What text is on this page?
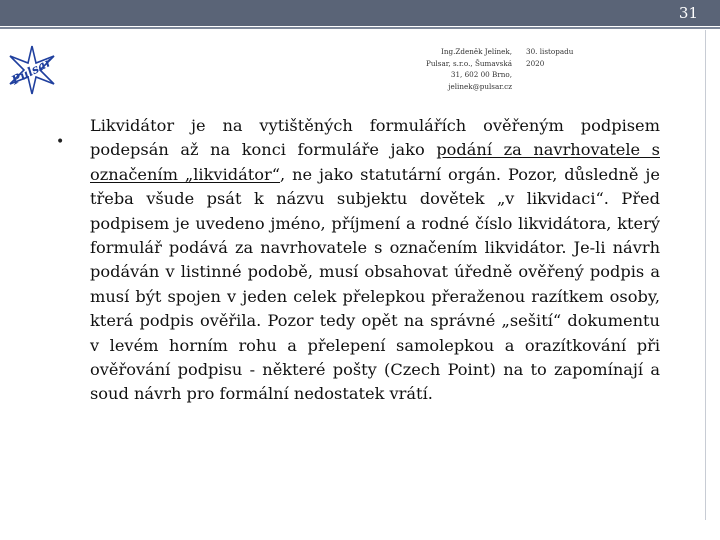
31
Pulsar
Ing.Zdeněk Jelínek,
Pulsar, s.r.o., Šumavská
31, 602 00 Brno,
jelinek@pulsar.cz
30. listopadu
2020
•

Likvidátor je na vytištěných formulářích ověřeným podpisem podepsán až na konci formuláře jako podání za navrhovatele s označením „likvidátor“, ne jako statutární orgán. Pozor, důsledně je třeba všude psát k názvu subjektu dovětek „v likvidaci“. Před podpisem je uvedeno jméno, příjmení a rodné číslo likvidátora, který formulář podává za navrhovatele s označením likvidátor. Je-li návrh podáván v listinné podobě, musí obsahovat úředně ověřený podpis a musí být spojen v jeden celek přelepkou přeraženou razítkem osoby, která podpis ověřila. Pozor tedy opět na správné „sešití“ dokumentu v levém horním rohu a přelepení samolepkou a orazítkování při ověřování podpisu - některé pošty (Czech Point) na to zapomínají a soud návrh pro formální nedostatek vrátí.
